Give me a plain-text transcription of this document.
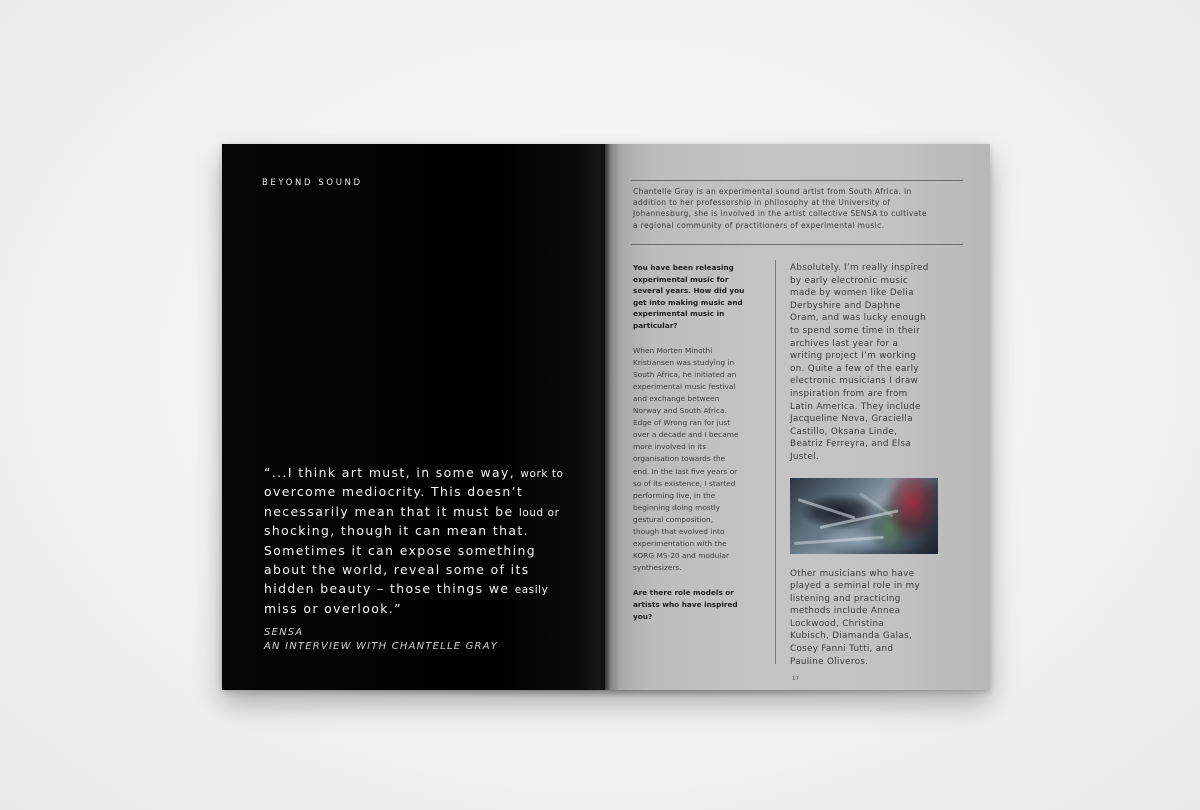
BEYOND SOUND

“...I think art must, in some way, work to
overcome mediocrity. This doesn’t
necessarily mean that it must be loud or
shocking, though it can mean that.
Sometimes it can expose something
about the world, reveal some of its
hidden beauty – those things we easily
miss or overlook.”

SENSA
AN INTERVIEW WITH CHANTELLE GRAY

Chantelle Gray is an experimental sound artist from South Africa. In
addition to her professorship in philosophy at the University of
Johannesburg, she is involved in the artist collective SENSA to cultivate
a regional community of practitioners of experimental music.

You have been releasing
experimental music for
several years. How did you
get into making music and
experimental music in
particular?

When Morten Minothi
Kristiansen was studying in
South Africa, he initiated an
experimental music festival
and exchange between
Norway and South Africa.
Edge of Wrong ran for just
over a decade and I became
more involved in its
organisation towards the
end. In the last five years or
so of its existence, I started
performing live, in the
beginning doing mostly
gestural composition,
though that evolved into
experimentation with the
KORG MS-20 and modular
synthesizers.

Are there role models or
artists who have inspired
you?

Absolutely. I’m really inspired
by early electronic music
made by women like Delia
Derbyshire and Daphne
Oram, and was lucky enough
to spend some time in their
archives last year for a
writing project I’m working
on. Quite a few of the early
electronic musicians I draw
inspiration from are from
Latin America. They include
Jacqueline Nova, Graciella
Castillo, Oksana Linde,
Beatriz Ferreyra, and Elsa
Justel.

Other musicians who have
played a seminal role in my
listening and practicing
methods include Annea
Lockwood, Christina
Kubisch, Diamanda Galas,
Cosey Fanni Tutti, and
Pauline Oliveros.

17
